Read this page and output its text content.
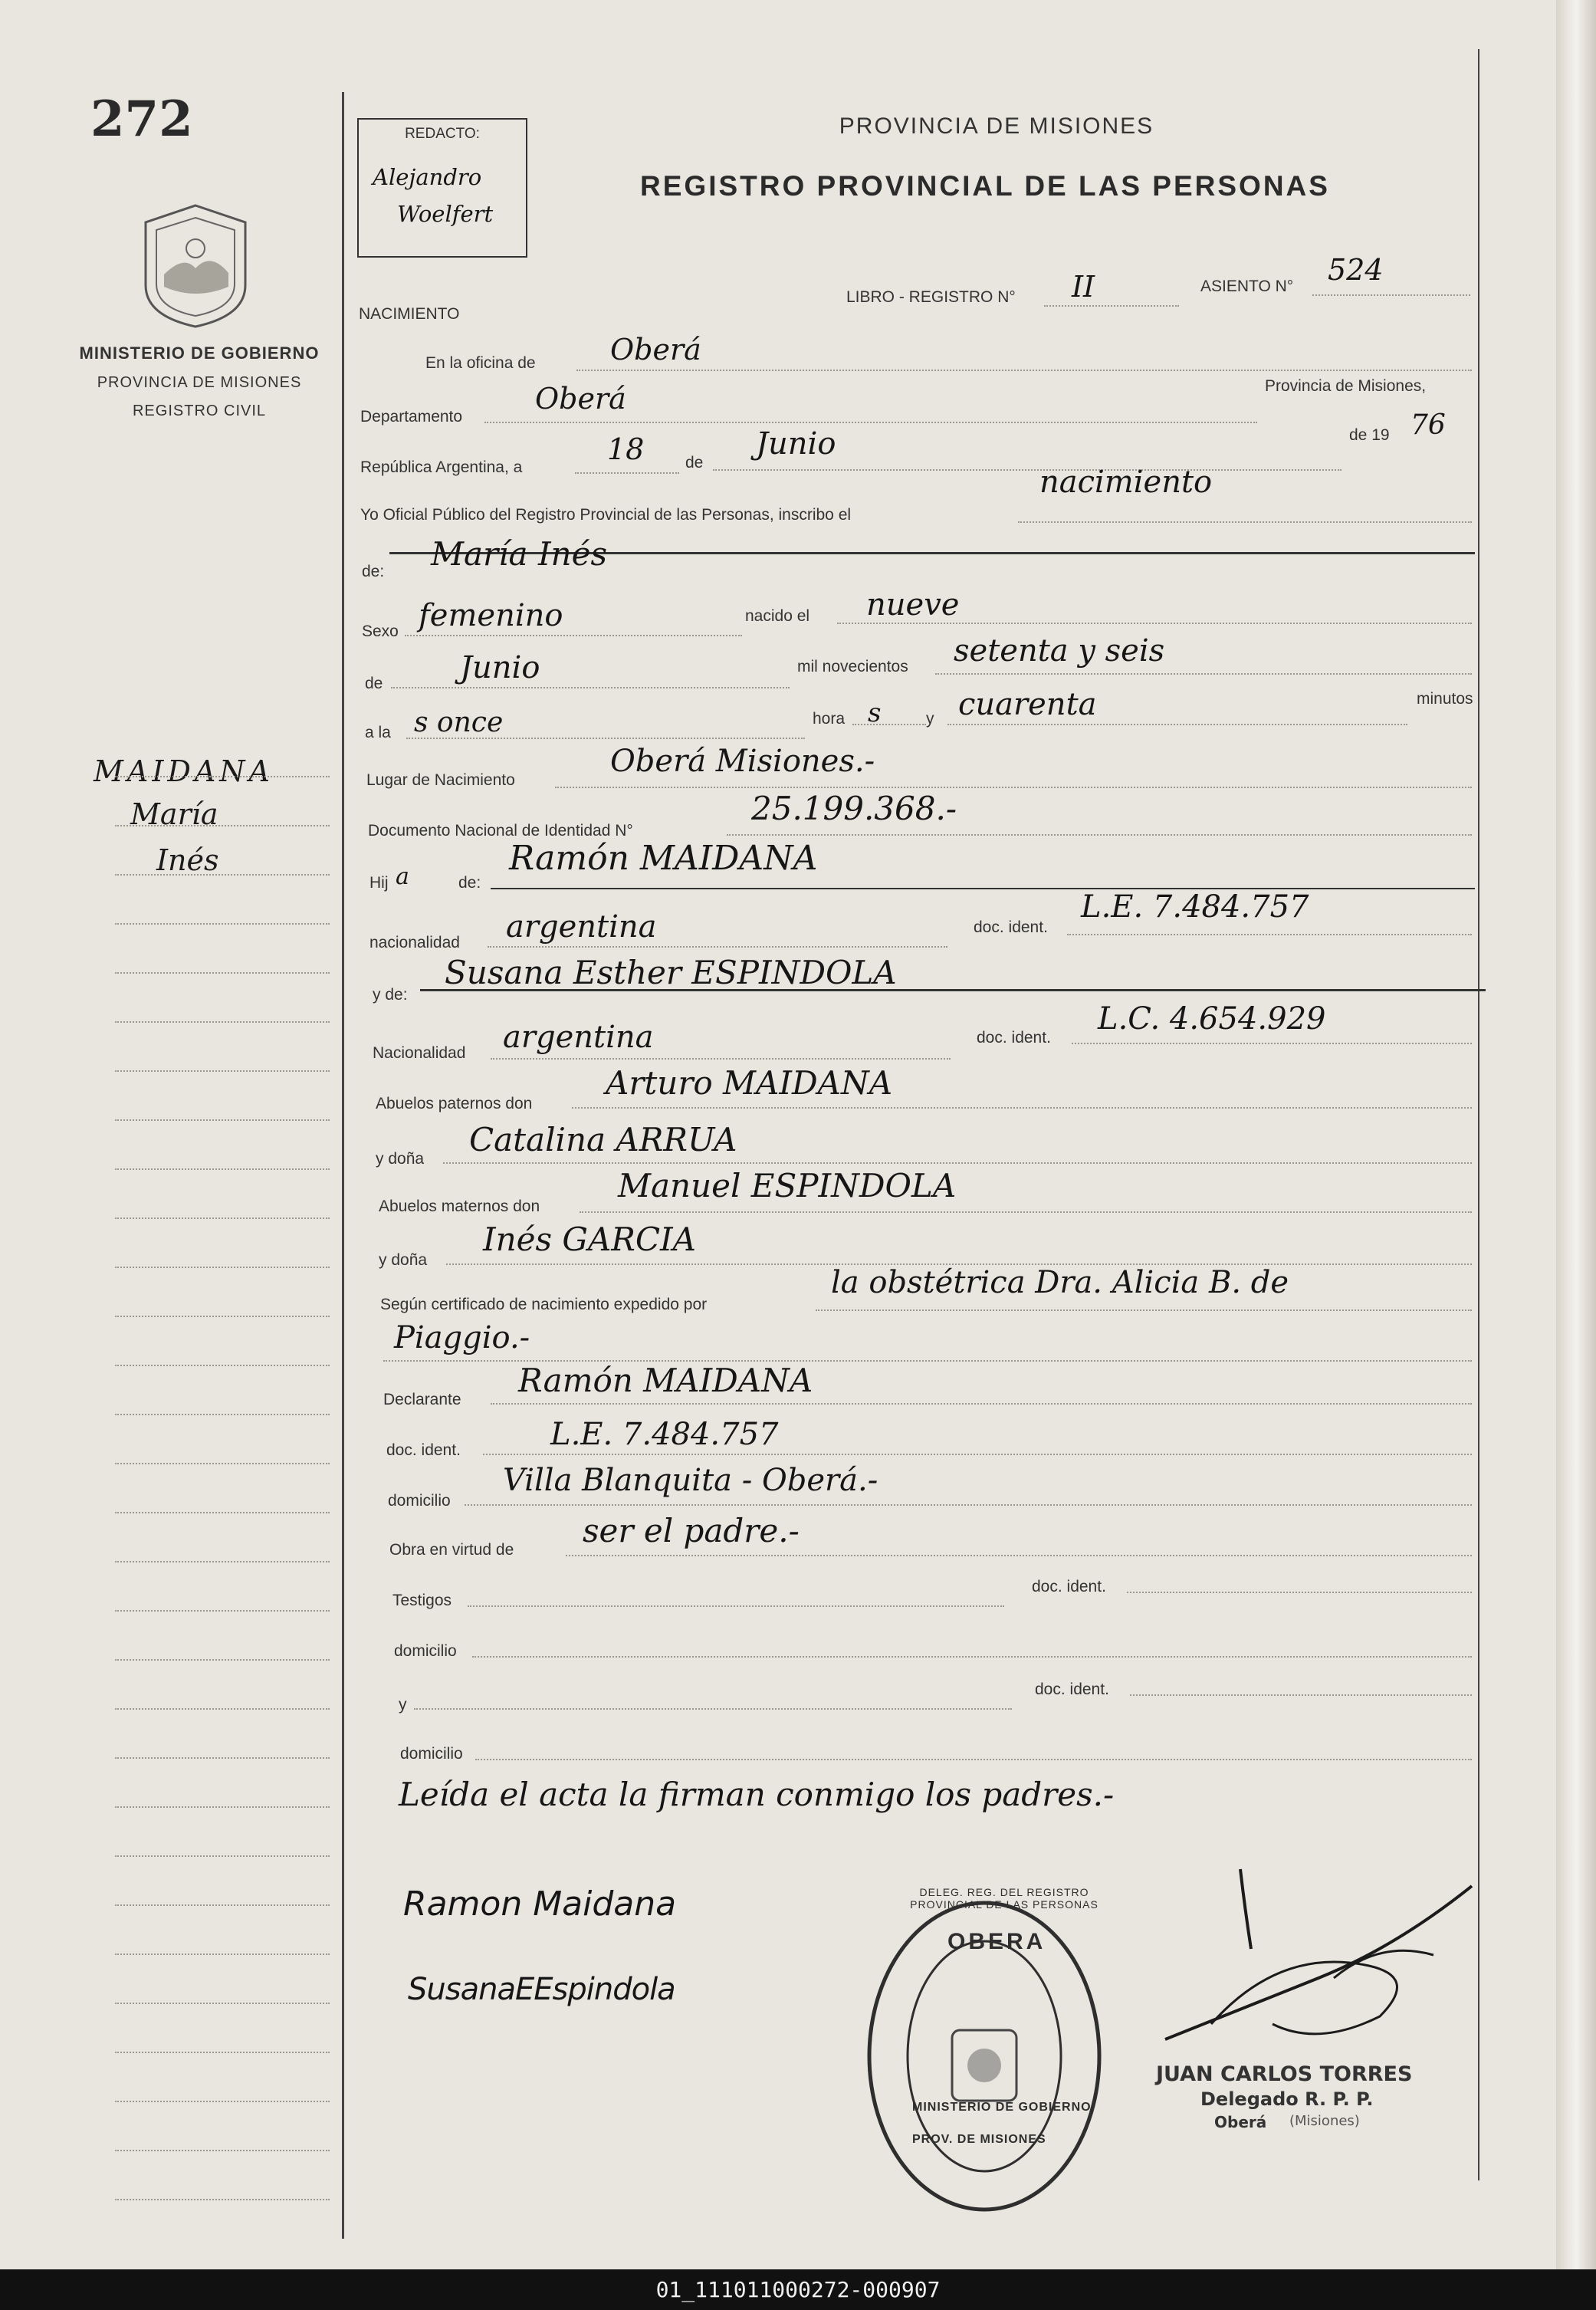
272
MINISTERIO DE GOBIERNO
PROVINCIA DE MISIONES
REGISTRO CIVIL
MAIDANA
María
Inés
REDACTO:
Alejandro
Woelfert
PROVINCIA DE MISIONES
REGISTRO PROVINCIAL DE LAS PERSONAS
NACIMIENTO
LIBRO - REGISTRO N° II	ASIENTO N° 524
En la oficina de	Oberá
Departamento
Oberá	Provincia de Misiones,
República Argentina, a
18	de
Junio	de 19 76
Yo Oficial Público del Registro Provincial de las Personas, inscribo el
nacimiento
de: María Inés
Sexo femenino	nacido el nueve
de	Junio	mil novecientos setenta y seis
a la s once	hora s	y cuarenta	minutos
Lugar de Nacimiento
Oberá Misiones.-
Documento Nacional de Identidad N°
25.199.368.-
Hij a	de:
Ramón MAIDANA
nacionalidad argentina	doc. ident.
L.E. 7.484.757
y de:
Susana Esther ESPINDOLA
Nacionalidad argentina	doc. ident.
L.C. 4.654.929
Abuelos paternos don
Arturo MAIDANA
y doña
Catalina ARRUA
Abuelos maternos don
Manuel ESPINDOLA
y doña
Inés GARCIA
Según certificado de nacimiento expedido por
la obstétrica Dra. Alicia B. de
Piaggio.-
Declarante
Ramón MAIDANA
doc. ident.	L.E. 7.484.757
domicilio
Villa Blanquita - Oberá.-
Obra en virtud de
ser el padre.-
Testigos
doc. ident.
domicilio
y
doc. ident.
domicilio
Leída el acta la firman conmigo los padres.-
Ramon Maidana
SusanaEEspindola
OBERA
PROV. DE MISIONES
MINISTERIO DE GOBIERNO
DELEG. REG. DEL REGISTRO PROVINCIAL DE LAS PERSONAS
JUAN CARLOS TORRES
Delegado R. P. P.
Oberá (Misiones)
01_111011000272-000907
